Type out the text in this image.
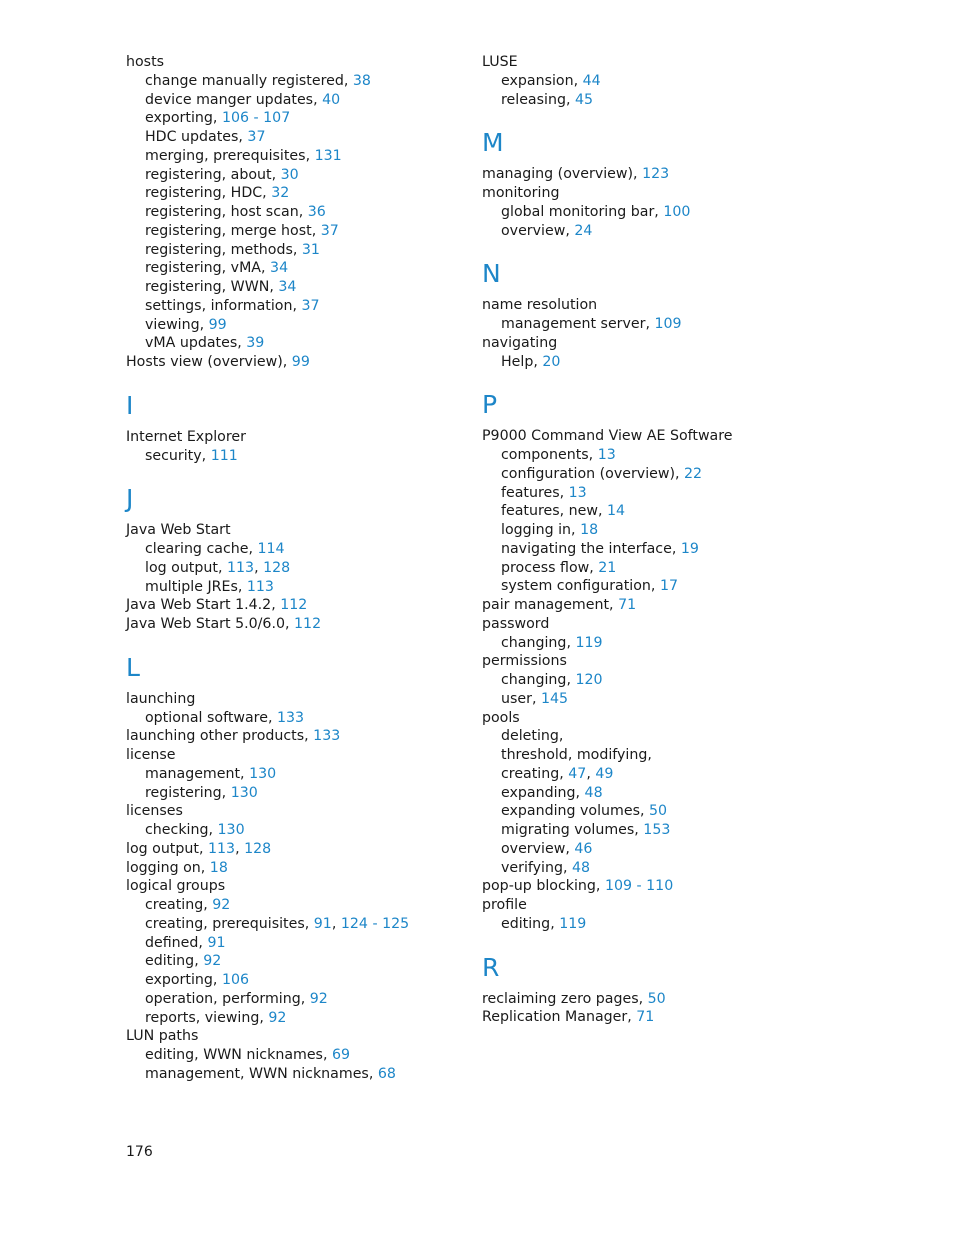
hosts
change manually registered, 38
device manger updates, 40
exporting, 106 - 107
HDC updates, 37
merging, prerequisites, 131
registering, about, 30
registering, HDC, 32
registering, host scan, 36
registering, merge host, 37
registering, methods, 31
registering, vMA, 34
registering, WWN, 34
settings, information, 37
viewing, 99
vMA updates, 39
Hosts view (overview), 99
I
Internet Explorer
security, 111
J
Java Web Start
clearing cache, 114
log output, 113, 128
multiple JREs, 113
Java Web Start 1.4.2, 112
Java Web Start 5.0/6.0, 112
L
launching
optional software, 133
launching other products, 133
license
management, 130
registering, 130
licenses
checking, 130
log output, 113, 128
logging on, 18
logical groups
creating, 92
creating, prerequisites, 91, 124 - 125
defined, 91
editing, 92
exporting, 106
operation, performing, 92
reports, viewing, 92
LUN paths
editing, WWN nicknames, 69
management, WWN nicknames, 68
LUSE
expansion, 44
releasing, 45
M
managing (overview), 123
monitoring
global monitoring bar, 100
overview, 24
N
name resolution
management server, 109
navigating
Help, 20
P
P9000 Command View AE Software
components, 13
configuration (overview), 22
features, 13
features, new, 14
logging in, 18
navigating the interface, 19
process flow, 21
system configuration, 17
pair management, 71
password
changing, 119
permissions
changing, 120
user, 145
pools
deleting,
threshold, modifying,
creating, 47, 49
expanding, 48
expanding volumes, 50
migrating volumes, 153
overview, 46
verifying, 48
pop-up blocking, 109 - 110
profile
editing, 119
R
reclaiming zero pages, 50
Replication Manager, 71
176
